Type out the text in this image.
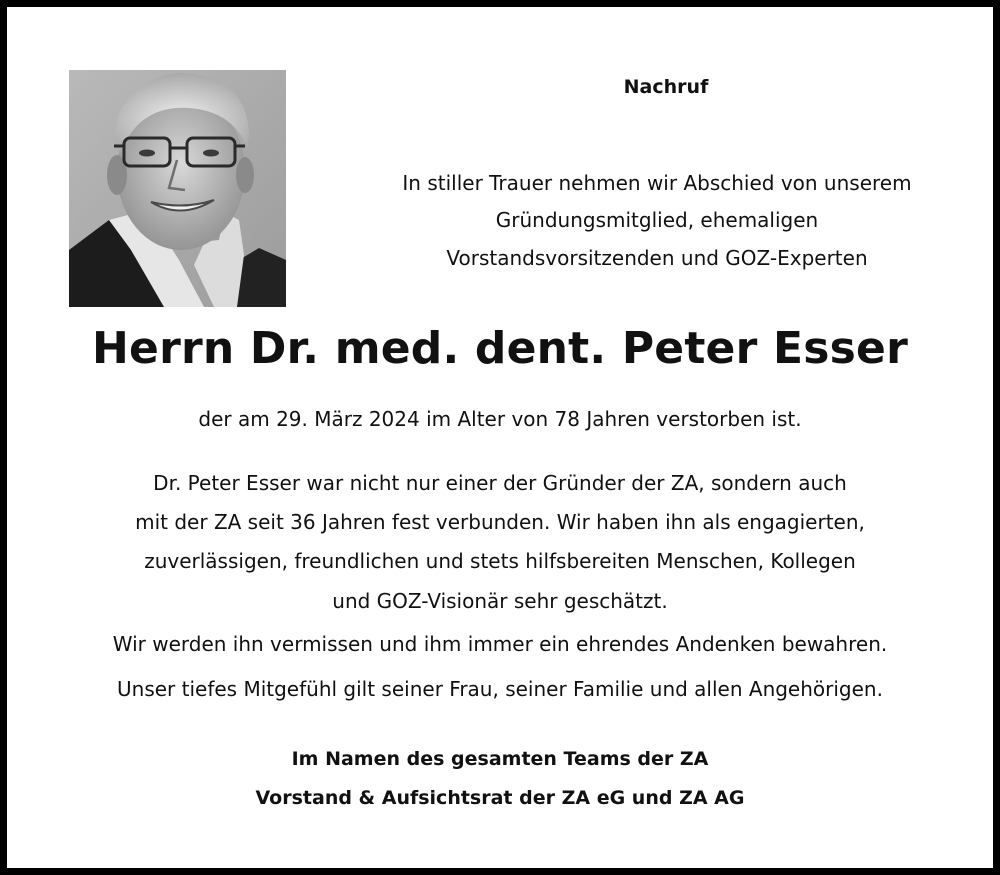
Nachruf
In stiller Trauer nehmen wir Abschied von unserem
Gründungsmitglied, ehemaligen
Vorstandsvorsitzenden und GOZ-Experten
Herrn Dr. med. dent. Peter Esser
der am 29. März 2024 im Alter von 78 Jahren verstorben ist.
Dr. Peter Esser war nicht nur einer der Gründer der ZA, sondern auch
mit der ZA seit 36 Jahren fest verbunden. Wir haben ihn als engagierten,
zuverlässigen, freundlichen und stets hilfsbereiten Menschen, Kollegen
und GOZ-Visionär sehr geschätzt.
Wir werden ihn vermissen und ihm immer ein ehrendes Andenken bewahren.
Unser tiefes Mitgefühl gilt seiner Frau, seiner Familie und allen Angehörigen.
Im Namen des gesamten Teams der ZA
Vorstand & Aufsichtsrat der ZA eG und ZA AG
